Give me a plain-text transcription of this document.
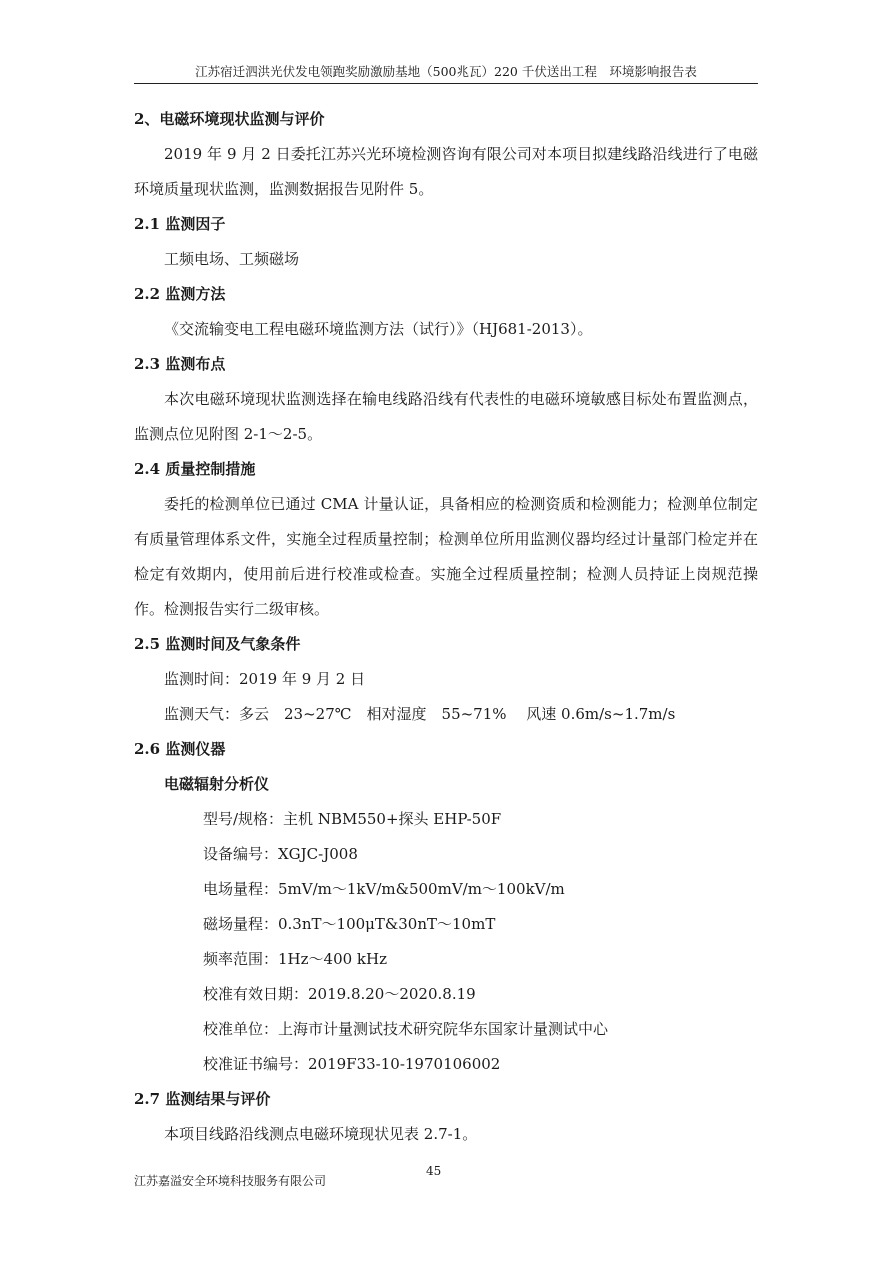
江苏宿迁泗洪光伏发电领跑奖励激励基地（500兆瓦）220 千伏送出工程　环境影响报告表
2、电磁环境现状监测与评价
2019 年 9 月 2 日委托江苏兴光环境检测咨询有限公司对本项目拟建线路沿线进行了电磁环境质量现状监测，监测数据报告见附件 5。
2.1 监测因子
工频电场、工频磁场
2.2 监测方法
《交流输变电工程电磁环境监测方法（试行）》（HJ681-2013）。
2.3 监测布点
本次电磁环境现状监测选择在输电线路沿线有代表性的电磁环境敏感目标处布置监测点，监测点位见附图 2-1～2-5。
2.4 质量控制措施
委托的检测单位已通过 CMA 计量认证，具备相应的检测资质和检测能力；检测单位制定有质量管理体系文件，实施全过程质量控制；检测单位所用监测仪器均经过计量部门检定并在检定有效期内，使用前后进行校准或检查。实施全过程质量控制；检测人员持证上岗规范操作。检测报告实行二级审核。
2.5 监测时间及气象条件
监测时间：2019 年 9 月 2 日
监测天气：多云　23~27℃　相对湿度　55~71%　 风速 0.6m/s~1.7m/s
2.6 监测仪器
电磁辐射分析仪
型号/规格：主机 NBM550+探头 EHP-50F
设备编号：XGJC-J008
电场量程：5mV/m～1kV/m&500mV/m～100kV/m
磁场量程：0.3nT～100μT&30nT～10mT
频率范围：1Hz～400 kHz
校准有效日期：2019.8.20～2020.8.19
校准单位：上海市计量测试技术研究院华东国家计量测试中心
校准证书编号：2019F33-10-1970106002
2.7 监测结果与评价
本项目线路沿线测点电磁环境现状见表 2.7-1。
江苏嘉溢安全环境科技服务有限公司
45
